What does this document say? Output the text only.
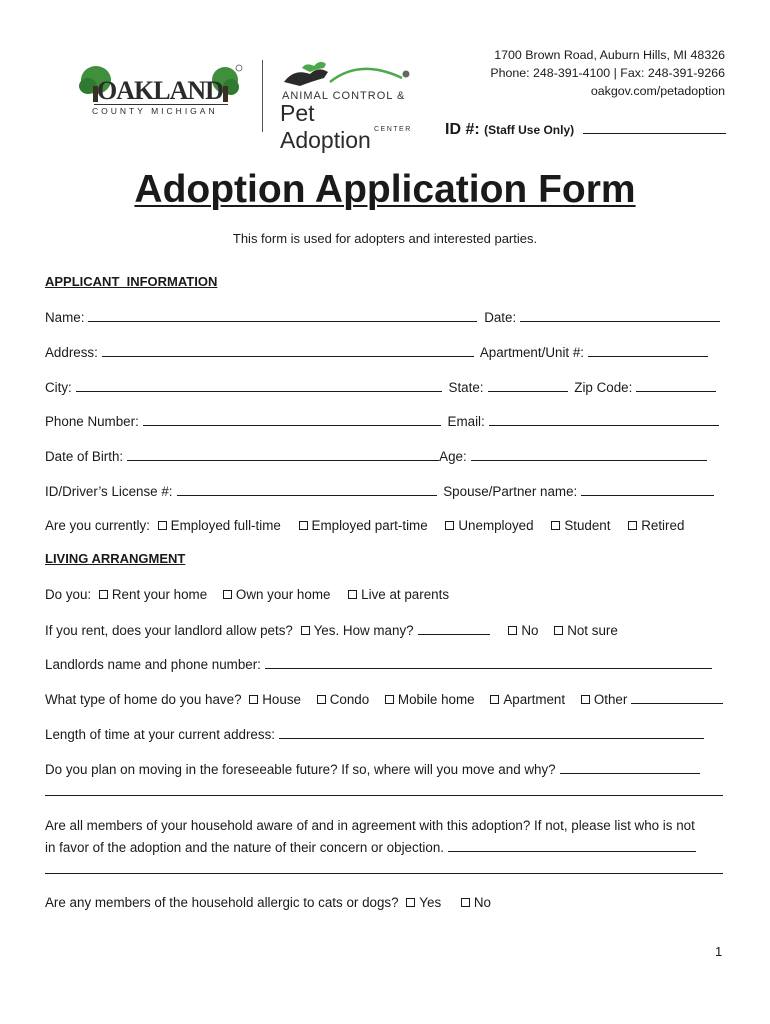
OAKLAND
COUNTY MICHIGAN
ANIMAL CONTROL &
Pet Adoption CENTER
1700 Brown Road, Auburn Hills, MI 48326
Phone: 248-391-4100 | Fax: 248-391-9266
oakgov.com/petadoption
ID #: (Staff Use Only)
Adoption Application Form
This form is used for adopters and interested parties.
APPLICANT  INFORMATION
Name:	Date:
Address:	Apartment/Unit #:
City:	State:	Zip Code:
Phone Number:	Email:
Date of Birth:	Age:
ID/Driver’s License #:	Spouse/Partner name:
Are you currently: Employed full-time Employed part-time Unemployed Student Retired
LIVING ARRANGMENT
Do you: Rent your home Own your home Live at parents
If you rent, does your landlord allow pets? Yes. How many?	No Not sure
Landlords name and phone number:
What type of home do you have? House Condo Mobile home Apartment Other
Length of time at your current address:
Do you plan on moving in the foreseeable future? If so, where will you move and why?
Are all members of your household aware of and in agreement with this adoption? If not, please list who is not
in favor of the adoption and the nature of their concern or objection.
Are any members of the household allergic to cats or dogs? Yes No
1
